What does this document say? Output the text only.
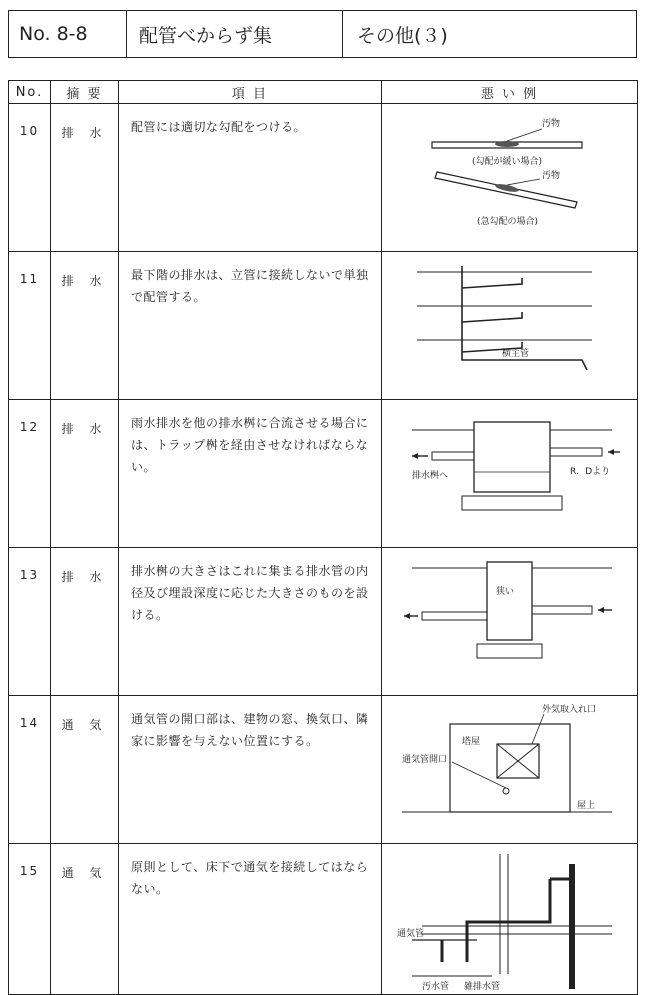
No. 8-8	配管べからず集	その他(３)
No.	摘 要	項 目	悪 い 例
10	排 水	配管には適切な勾配をつける。	汚物
(勾配が緩い場合)
汚物
(急勾配の場合)

11	排 水	最下階の排水は、立管に接続しないで単独で配管する。	横主管

12	排 水	雨水排水を他の排水桝に合流させる場合には、トラップ桝を経由させなければならない。	排水桝へ R．Dより

13	排 水	排水桝の大きさはこれに集まる排水管の内径及び埋設深度に応じた大きさのものを設ける。	狭い

14	通 気	通気管の開口部は、建物の窓、換気口、隣家に影響を与えない位置にする。	外気取入れ口
塔屋
通気管開口
屋上

15	通 気	原則として、床下で通気を接続してはならない。	通気管
汚水管 雑排水管
